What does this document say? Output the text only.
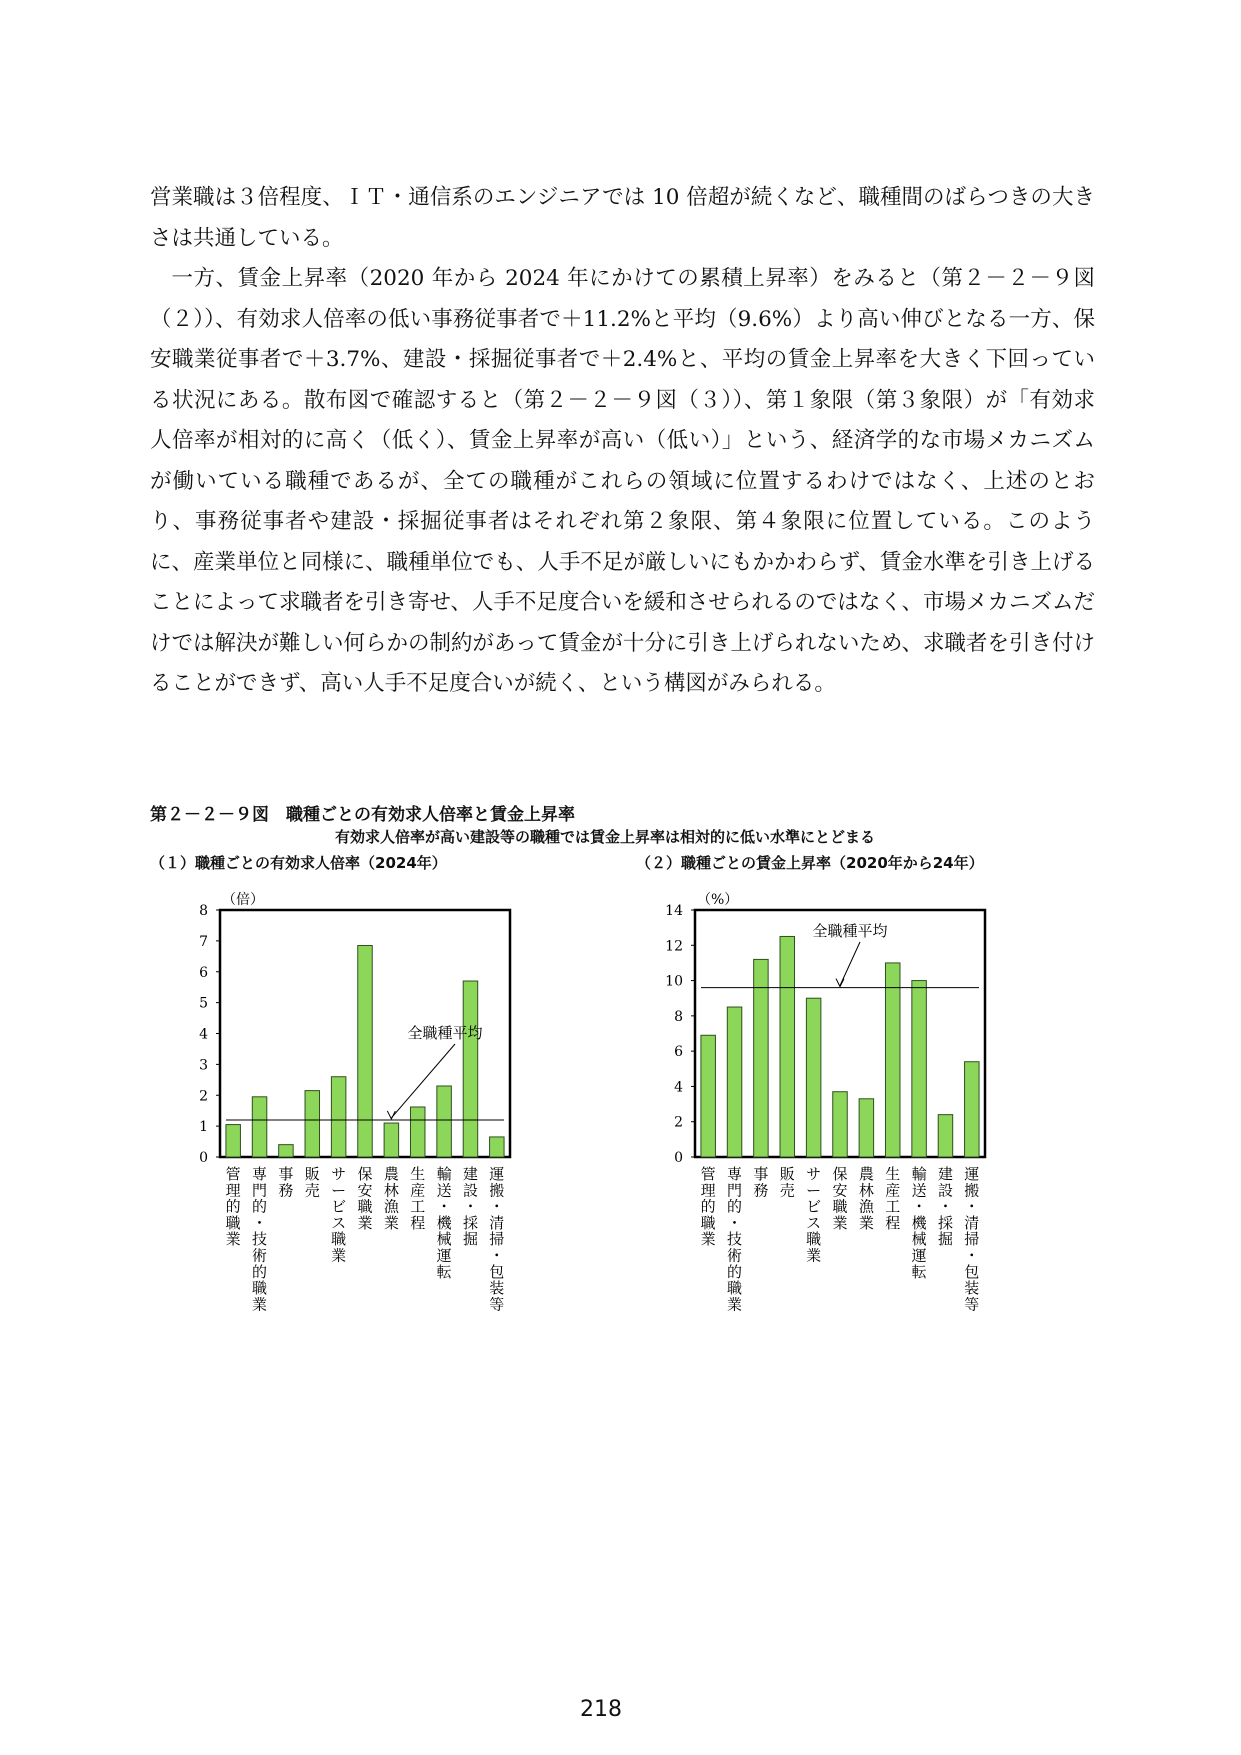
営業職は３倍程度、ＩＴ・通信系のエンジニアでは 10 倍超が続くなど、職種間のばらつきの大きさは共通している。

一方、賃金上昇率（2020 年から 2024 年にかけての累積上昇率）をみると（第２－２－９図（２））、有効求人倍率の低い事務従事者で＋11.2%と平均（9.6%）より高い伸びとなる一方、保安職業従事者で＋3.7%、建設・採掘従事者で＋2.4%と、平均の賃金上昇率を大きく下回っている状況にある。散布図で確認すると（第２－２－９図（３））、第１象限（第３象限）が「有効求人倍率が相対的に高く（低く）、賃金上昇率が高い（低い）」という、経済学的な市場メカニズムが働いている職種であるが、全ての職種がこれらの領域に位置するわけではなく、上述のとおり、事務従事者や建設・採掘従事者はそれぞれ第２象限、第４象限に位置している。このように、産業単位と同様に、職種単位でも、人手不足が厳しいにもかかわらず、賃金水準を引き上げることによって求職者を引き寄せ、人手不足度合いを緩和させられるのではなく、市場メカニズムだけでは解決が難しい何らかの制約があって賃金が十分に引き上げられないため、求職者を引き付けることができず、高い人手不足度合いが続く、という構図がみられる。

第２－２－９図　職種ごとの有効求人倍率と賃金上昇率
有効求人倍率が高い建設等の職種では賃金上昇率は相対的に低い水準にとどまる
（１）職種ごとの有効求人倍率（2024年）	（２）職種ごとの賃金上昇率（2020年から24年）
（倍）
0
1
2
3
4
5
6
7
8
管理的職業
専門的・技術的職業
事務
販売
サービス職業
保安職業
農林漁業
生産工程
輸送・機械運転
建設・採掘
運搬・清掃・包装等
全職種平均
（%）
0
2
4
6
8
10
12
14
管理的職業
専門的・技術的職業
事務
販売
サービス職業
保安職業
農林漁業
生産工程
輸送・機械運転
建設・採掘
運搬・清掃・包装等
全職種平均
218
